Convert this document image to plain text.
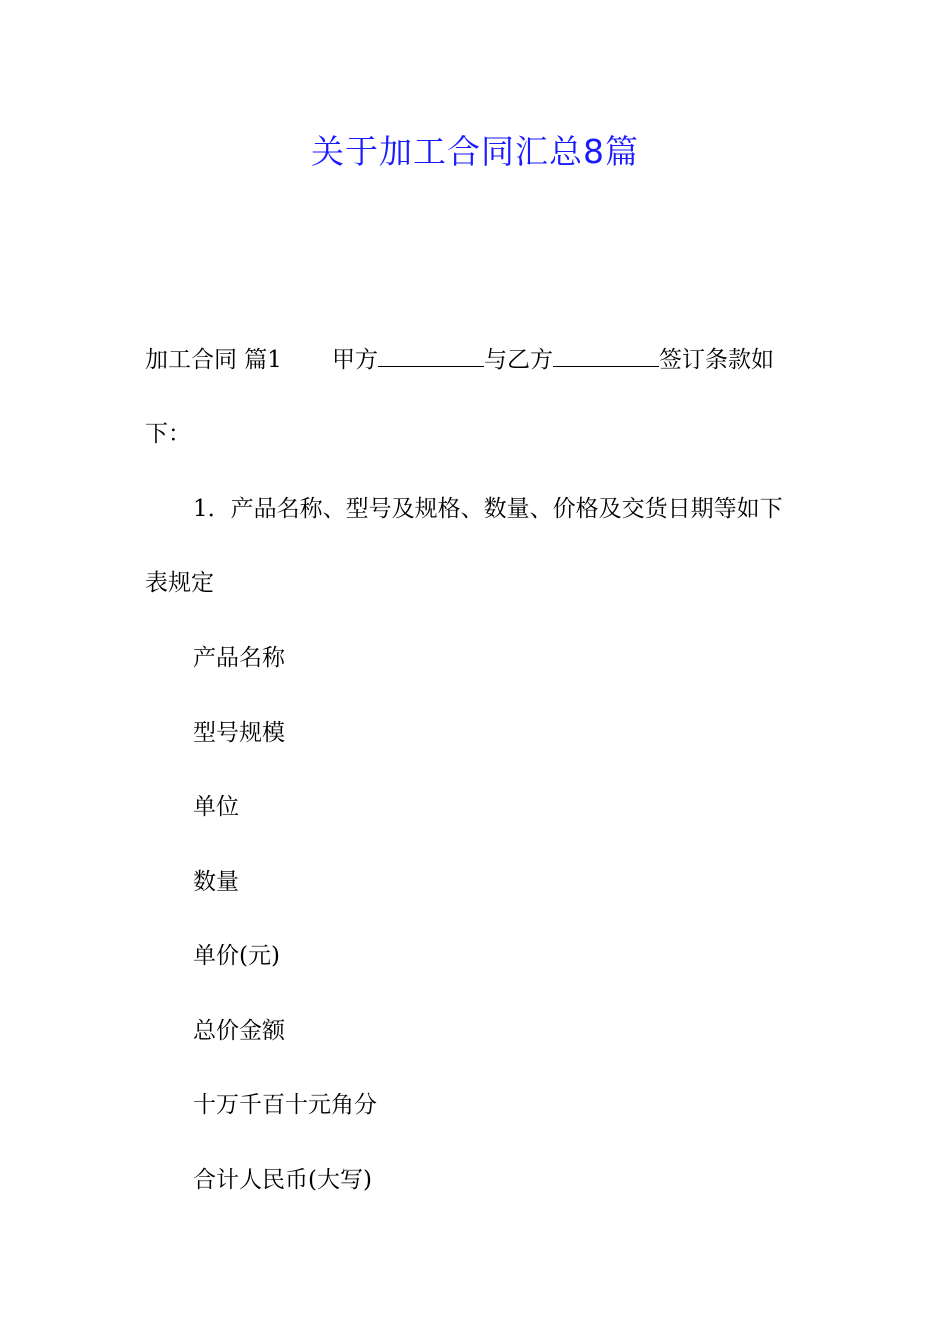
关于加工合同汇总8篇
加工合同 篇1 甲方	与乙方	签订条款如
下：
1．产品名称、型号及规格、数量、价格及交货日期等如下
表规定
产品名称
型号规模
单位
数量
单价(元)
总价金额
十万千百十元角分
合计人民币(大写)
